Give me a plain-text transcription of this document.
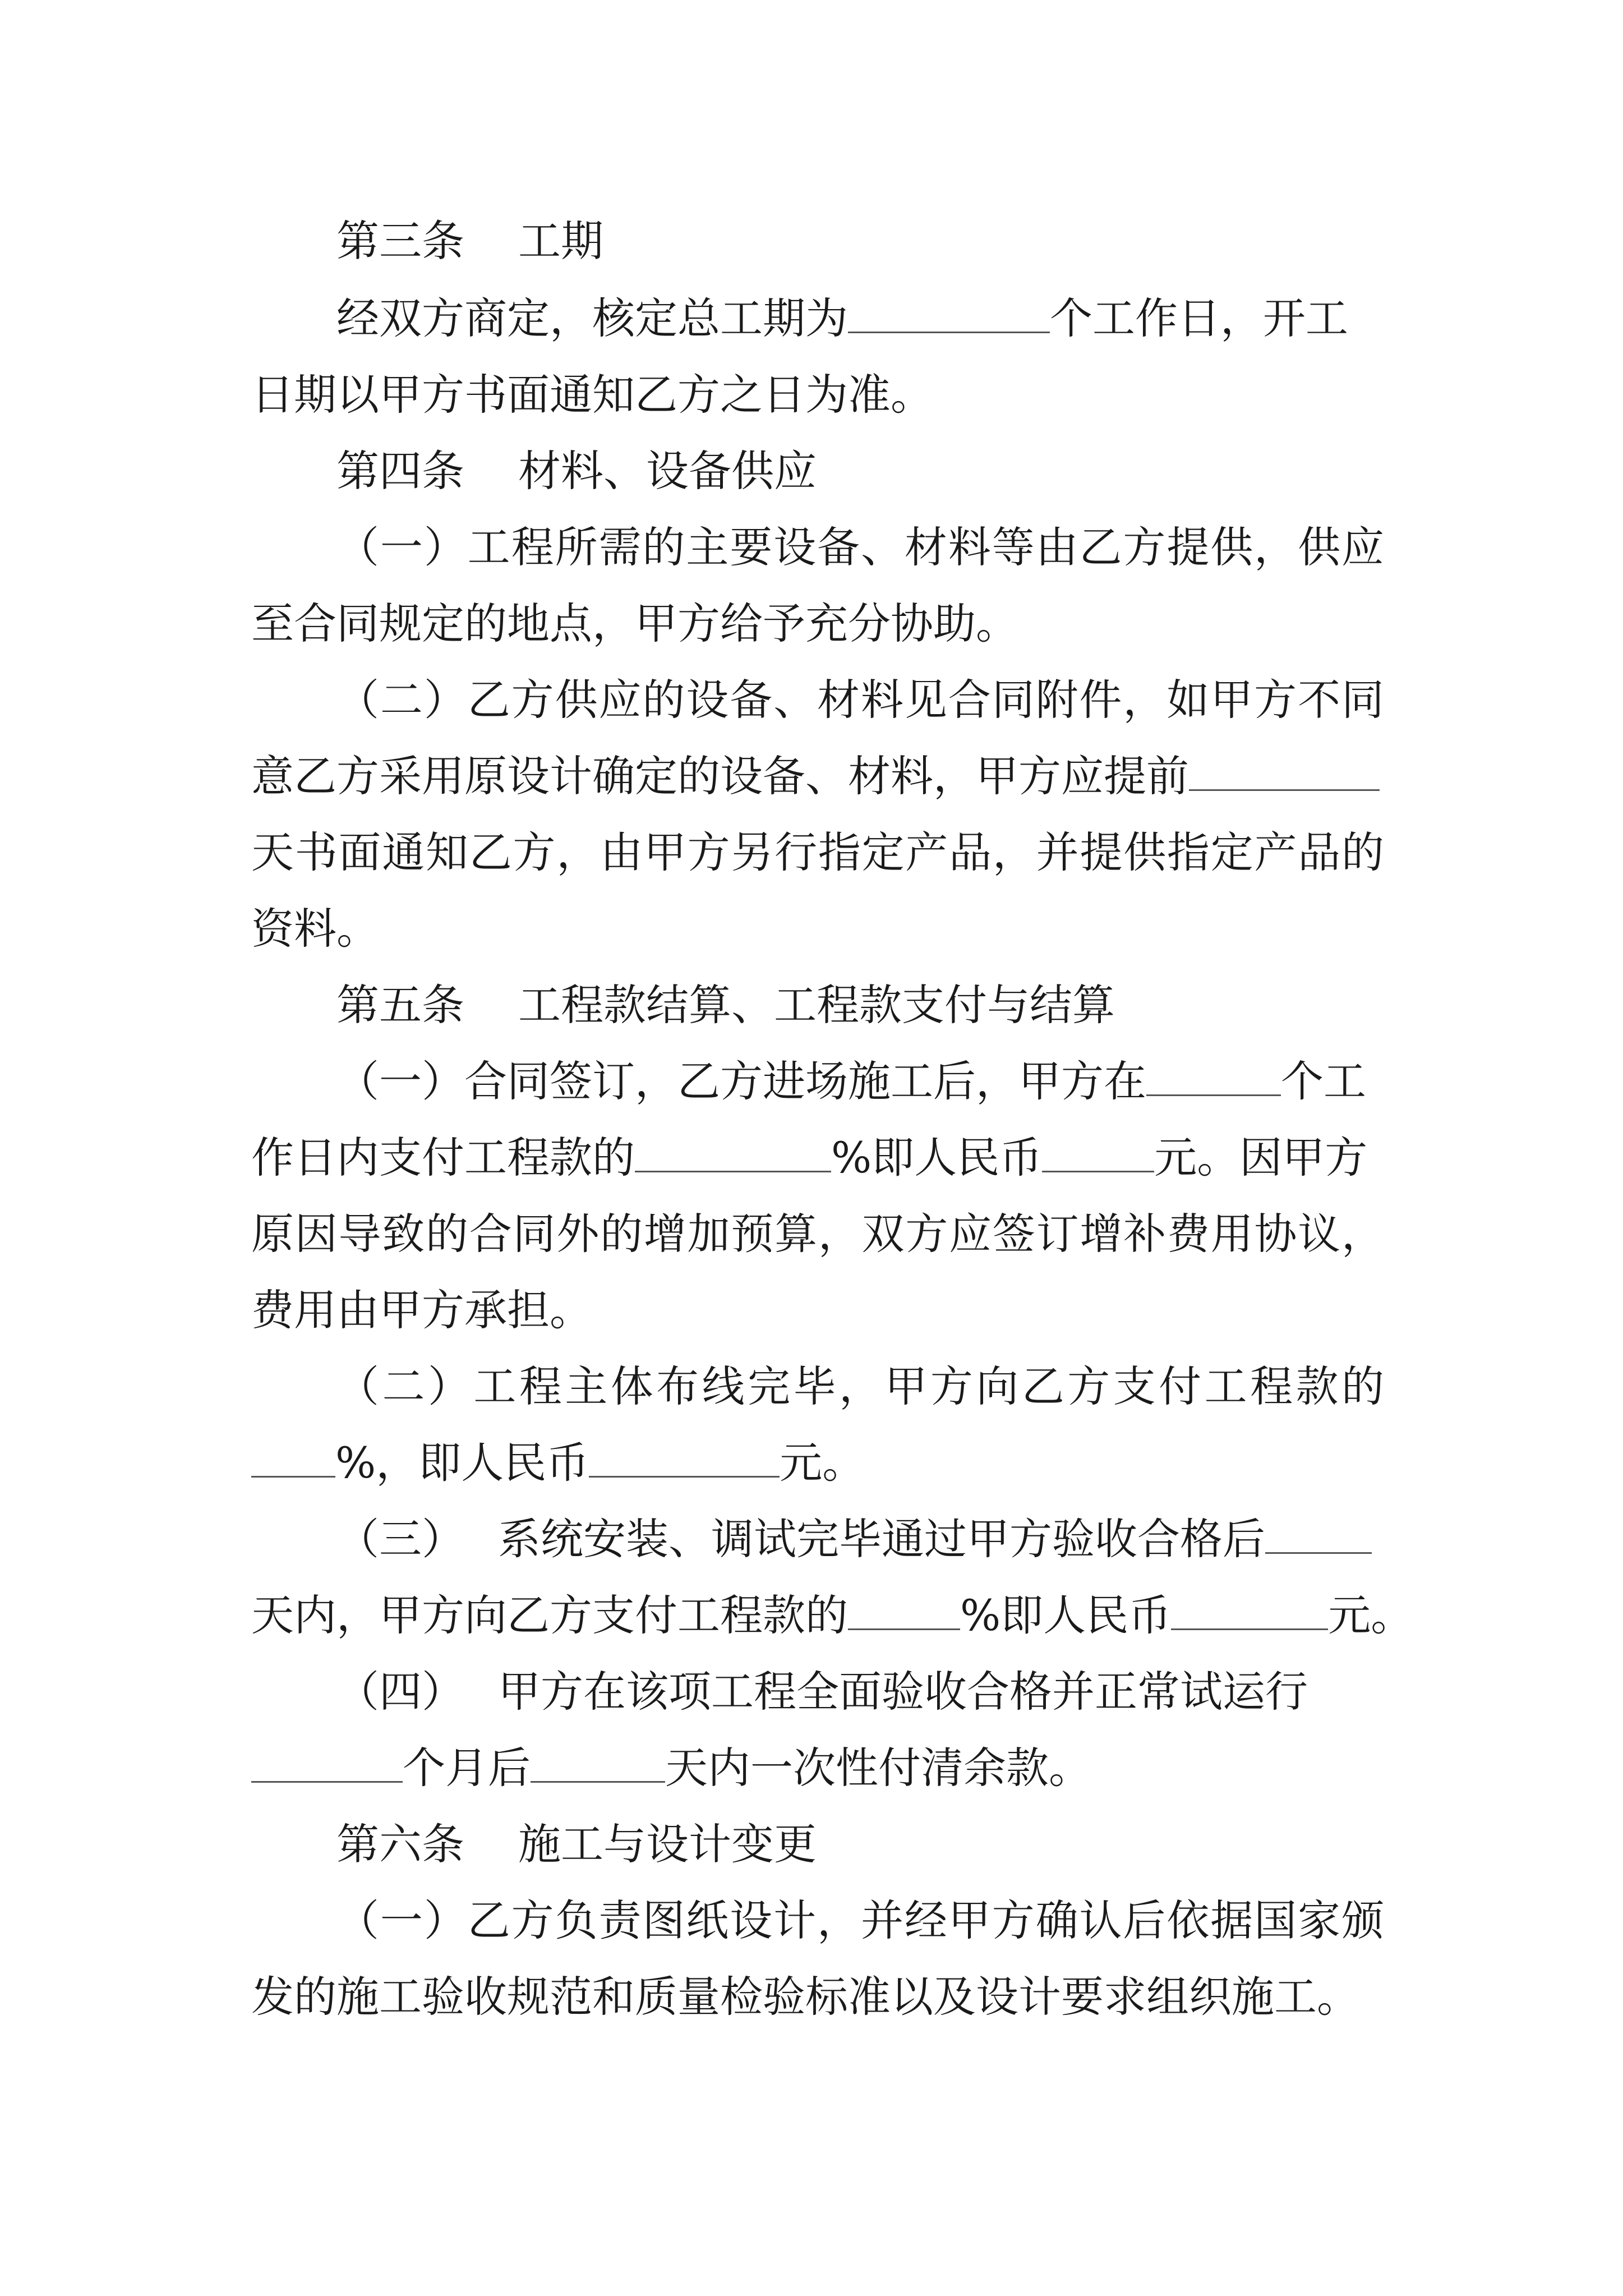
第三条 工期
经双方商定，核定总工期为	个工作日，开工
日期以甲方书面通知乙方之日为准。
第四条 材料、设备供应
（一）工程所需的主要设备、材料等由乙方提供，供应
至合同规定的地点，甲方给予充分协助。
（二）乙方供应的设备、材料见合同附件，如甲方不同
意乙方采用原设计确定的设备、材料，甲方应提前
天书面通知乙方，由甲方另行指定产品，并提供指定产品的
资料。
第五条 工程款结算、工程款支付与结算
（一）合同签订，乙方进场施工后，甲方在	个工
作日内支付工程款的	%即人民币	元。因甲方
原因导致的合同外的增加预算，双方应签订增补费用协议，
费用由甲方承担。
（二）工程主体布线完毕，甲方向乙方支付工程款的
%，即人民币	元。
（三） 系统安装、调试完毕通过甲方验收合格后
天内，甲方向乙方支付工程款的	%即人民币	元。
（四） 甲方在该项工程全面验收合格并正常试运行
个月后	天内一次性付清余款。
第六条 施工与设计变更
（一）乙方负责图纸设计，并经甲方确认后依据国家颁
发的施工验收规范和质量检验标准以及设计要求组织施工。
